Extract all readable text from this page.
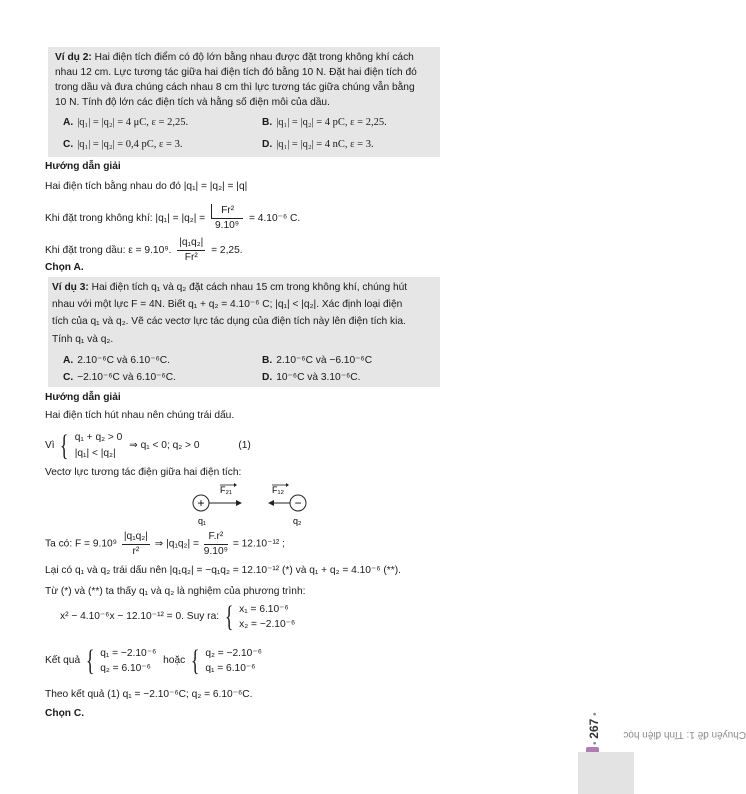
Ví dụ 2: Hai điện tích điểm có độ lớn bằng nhau được đặt trong không khí cách
nhau 12 cm. Lực tương tác giữa hai điện tích đó bằng 10 N. Đặt hai điện tích đó
trong dầu và đưa chúng cách nhau 8 cm thì lực tương tác giữa chúng vẫn bằng
10 N. Tính độ lớn các điện tích và hằng số điện môi của dầu.
A. |q₁| = |q₂| = 4 μC, ε = 2,25.	B. |q₁| = |q₂| = 4 pC, ε = 2,25.
C. |q₁| = |q₂| = 0,4 pC, ε = 3.	D. |q₁| = |q₂| = 4 nC, ε = 3.
Hướng dẫn giải
Hai điện tích bằng nhau do đó |q₁| = |q₂| = |q|
Khi đặt trong không khí: $|q_1| = |q_2| = \frac{\text{Fr²}}{\text{9.10⁹}} = 4.10^{-6}$ C.
Khi đặt trong dầu: ε = 9.10⁹. $\frac{\text{|q₁q₂|}}{\text{Fr²}} = 2,25$.
Chọn A.
Ví dụ 3: Hai điện tích q₁ và q₂ đặt cách nhau 15 cm trong không khí, chúng hút
nhau với một lực F = 4N. Biết q₁ + q₂ = 4.10⁻⁶ C; |q₁| < |q₂|. Xác định loại điện
tích của q₁ và q₂. Vẽ các vectơ lực tác dụng của điện tích này lên điện tích kia.
Tính q₁ và q₂.
A. 2.10⁻⁶C và 6.10⁻⁶C.	B. 2.10⁻⁶C và −6.10⁻⁶C
C. −2.10⁻⁶C và 6.10⁻⁶C.	D. 10⁻⁶C và 3.10⁻⁶C.
Hướng dẫn giải
Hai điện tích hút nhau nên chúng trái dấu.
Vì { q₁ + q₂ > 0
|q₁| < |q₂|
⇒ q₁ < 0; q₂ > 0	(1)
Vectơ lực tương tác điện giữa hai điện tích:
+
F₂₁
−
F₁₂
q₁	q₂
Ta có: $F = 9.10^9 \frac{\text{|q₁q₂|}}{\text{r²}}$ ⇒ $|q_1q_2| = \frac{\text{F.r²}}{\text{9.10⁹}} = 12.10^{-12}$ ;
Lại có q₁ và q₂ trái dấu nên |q₁q₂| = −q₁q₂ = 12.10⁻¹² (*) và q₁ + q₂ = 4.10⁻⁶ (**).
Từ (*) và (**) ta thấy q₁ và q₂ là nghiệm của phương trình:
x² − 4.10⁻⁶x − 12.10⁻¹² = 0. Suy ra: { x₁ = 6.10⁻⁶
x₂ = −2.10⁻⁶
Kết quả { q₁ = −2.10⁻⁶
q₂ = 6.10⁻⁶
hoặc { q₂ = −2.10⁻⁶
q₁ = 6.10⁻⁶
Theo kết quả (1) q₁ = −2.10⁻⁶C; q₂ = 6.10⁻⁶C.
Chọn C.
Chuyên đề 1: Tĩnh điện học
• 267 •
